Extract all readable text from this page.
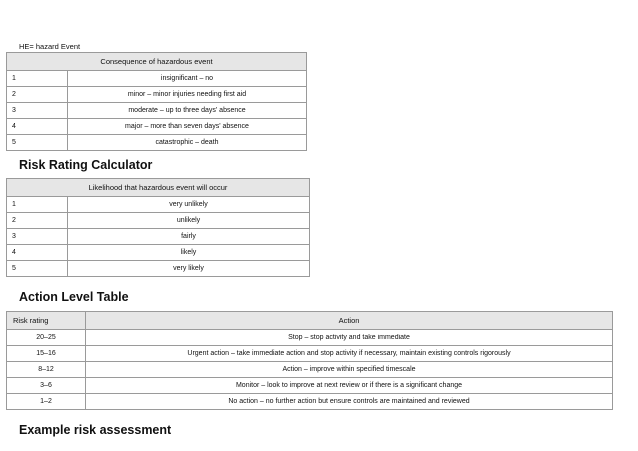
HE= hazard Event
Consequence of hazardous event	
1	insignificant – no
2	minor – minor injuries needing first aid
3	moderate – up to three days' absence
4	major – more than seven days' absence
5	catastrophic – death
Risk Rating Calculator
Likelihood that hazardous event will occur	
1	very unlikely
2	unlikely
3	fairly
4	likely
5	very likely
Action Level Table
Risk rating	Action
20–25	Stop – stop activity and take immediate
15–16	Urgent action – take immediate action and stop activity if necessary, maintain existing controls rigorously
8–12	Action – improve within specified timescale
3–6	Monitor – look to improve at next review or if there is a significant change
1–2	No action – no further action but ensure controls are maintained and reviewed
Example risk assessment
